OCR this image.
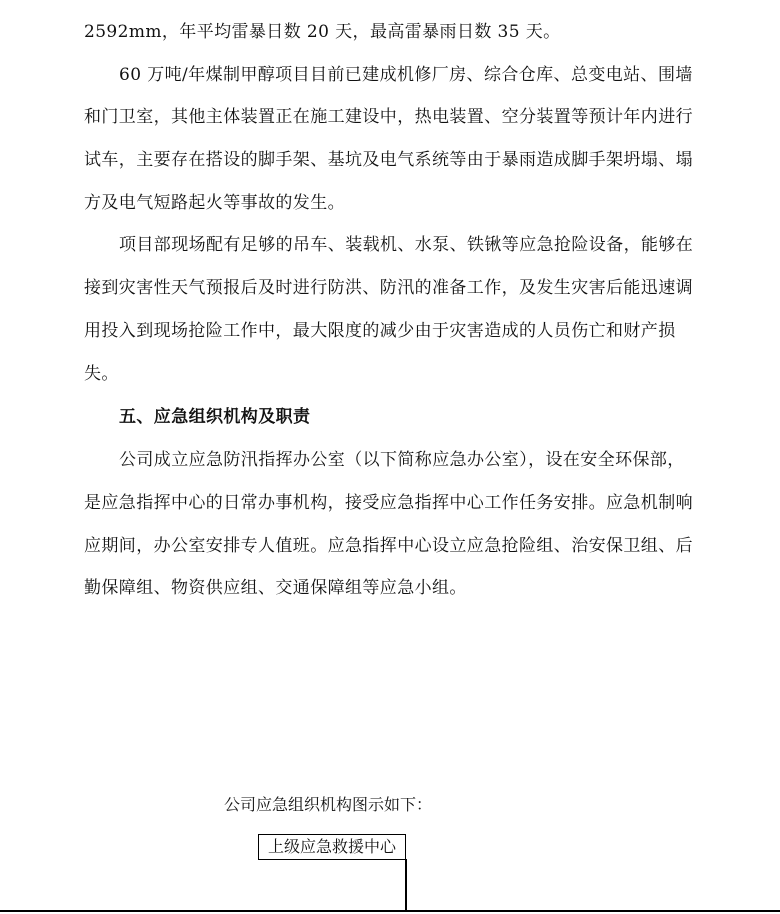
2592mm，年平均雷暴日数 20 天，最高雷暴雨日数 35 天。
60 万吨/年煤制甲醇项目目前已建成机修厂房、综合仓库、总变电站、围墙
和门卫室，其他主体装置正在施工建设中，热电装置、空分装置等预计年内进行
试车，主要存在搭设的脚手架、基坑及电气系统等由于暴雨造成脚手架坍塌、塌
方及电气短路起火等事故的发生。
项目部现场配有足够的吊车、装载机、水泵、铁锹等应急抢险设备，能够在
接到灾害性天气预报后及时进行防洪、防汛的准备工作，及发生灾害后能迅速调
用投入到现场抢险工作中，最大限度的减少由于灾害造成的人员伤亡和财产损
失。
五、应急组织机构及职责
公司成立应急防汛指挥办公室（以下简称应急办公室），设在安全环保部，
是应急指挥中心的日常办事机构，接受应急指挥中心工作任务安排。应急机制响
应期间，办公室安排专人值班。应急指挥中心设立应急抢险组、治安保卫组、后
勤保障组、物资供应组、交通保障组等应急小组。
公司应急组织机构图示如下：
上级应急救援中心
